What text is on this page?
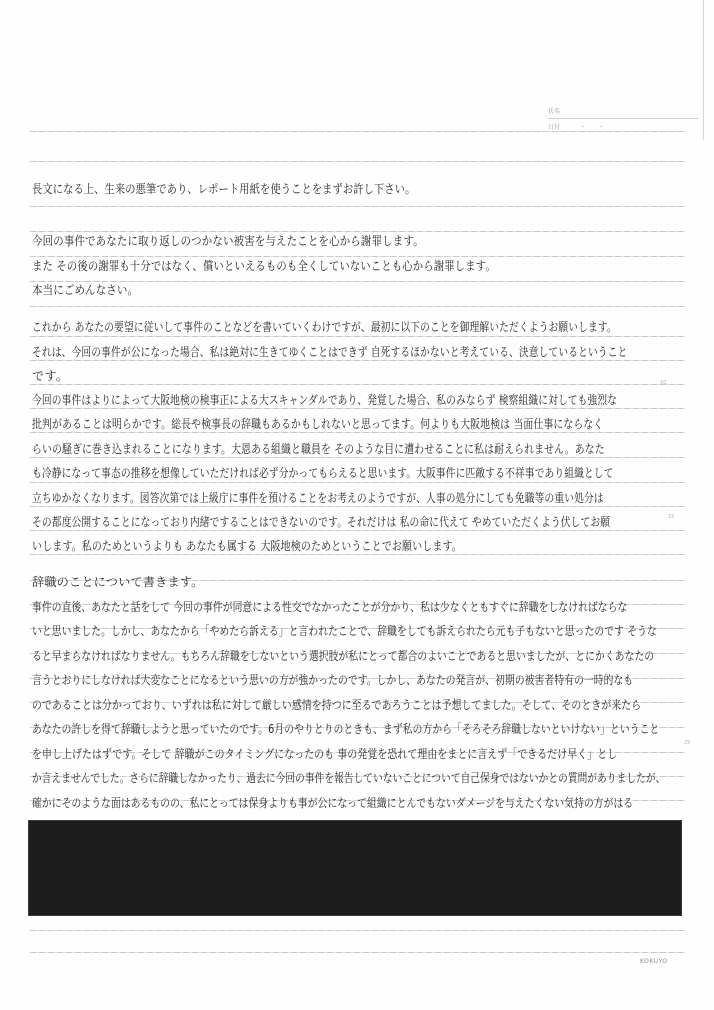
氏名
日付	・　　・
長文になる上、生来の悪筆であり、レポート用紙を使うことをまずお許し下さい。
今回の事件であなたに取り返しのつかない被害を与えたことを心から謝罪します。
また その後の謝罪も十分ではなく、償いといえるものも全くしていないことも心から謝罪します。
本当にごめんなさい。
これから あなたの要望に従いして事件のことなどを書いていくわけですが、最初に以下のことを御理解いただくようお願いします。
それは、今回の事件が公になった場合、私は絶対に生きてゆくことはできず 自死するほかないと考えている、決意しているということ
です。
今回の事件はよりによって大阪地検の検事正による大スキャンダルであり、発覚した場合、私のみならず 検察組織に対しても強烈な
批判があることは明らかです。総長や検事長の辞職もあるかもしれないと思ってます。何よりも大阪地検は 当面仕事にならなく
らいの騒ぎに巻き込まれることになります。大恩ある組織と職員を そのような目に遭わせることに私は耐えられません。あなた
も冷静になって事态の推移を想像していただければ必ず分かってもらえると思います。大阪事件に匹敵する不祥事であり組織として
立ちゆかなくなります。図答次第では上級庁に事件を預けることをお考えのようですが、人事の処分にしても免職等の重い処分は
その都度公開することになっており内緒ですることはできないのです。それだけは 私の命に代えて やめていただくよう伏してお願
いします。私のためというよりも あなたも属する 大阪地検のためということでお願いします。
10
15
25
辞職のことについて書きます。
事件の直後、あなたと話をして 今回の事件が同意による性交でなかったことが分かり、私は少なくともすぐに辞職をしなければならな
いと思いました。しかし、あなたから「やめたら訴える」と言われたことで、辞職をしても訴えられたら元も子もないと思ったのです そうな
ると早まらなければなりません。もちろん辞職をしないという選択肢が私にとって都合のよいことであると思いましたが、とにかくあなたの
言うとおりにしなければ大変なことになるという思いの方が強かったのです。しかし、あなたの発言が、初期の被害者特有の一時的なも
のであることは分かっており、いずれは私に対して厳しい感情を持つに至るであろうことは予想してました。そして、そのときが来たら
あなたの許しを得て辞職しようと思っていたのです。6月のやりとりのときも、まず私の方から「そろそろ辞職しないといけない」ということ
を申し上げたはずです。そして 辞職がこのタイミングになったのも 事の発覚を恐れて理由をまとに言えず「できるだけ早く」とし
か言えませんでした。さらに辞職しなかったり、過去に今回の事件を報告していないことについて自己保身ではないかとの質問がありましたが、
確かにそのような面はあるものの、私にとっては保身よりも事が公になって組織にとんでもないダメージを与えたくない気持の方がはる
KOKUYO
